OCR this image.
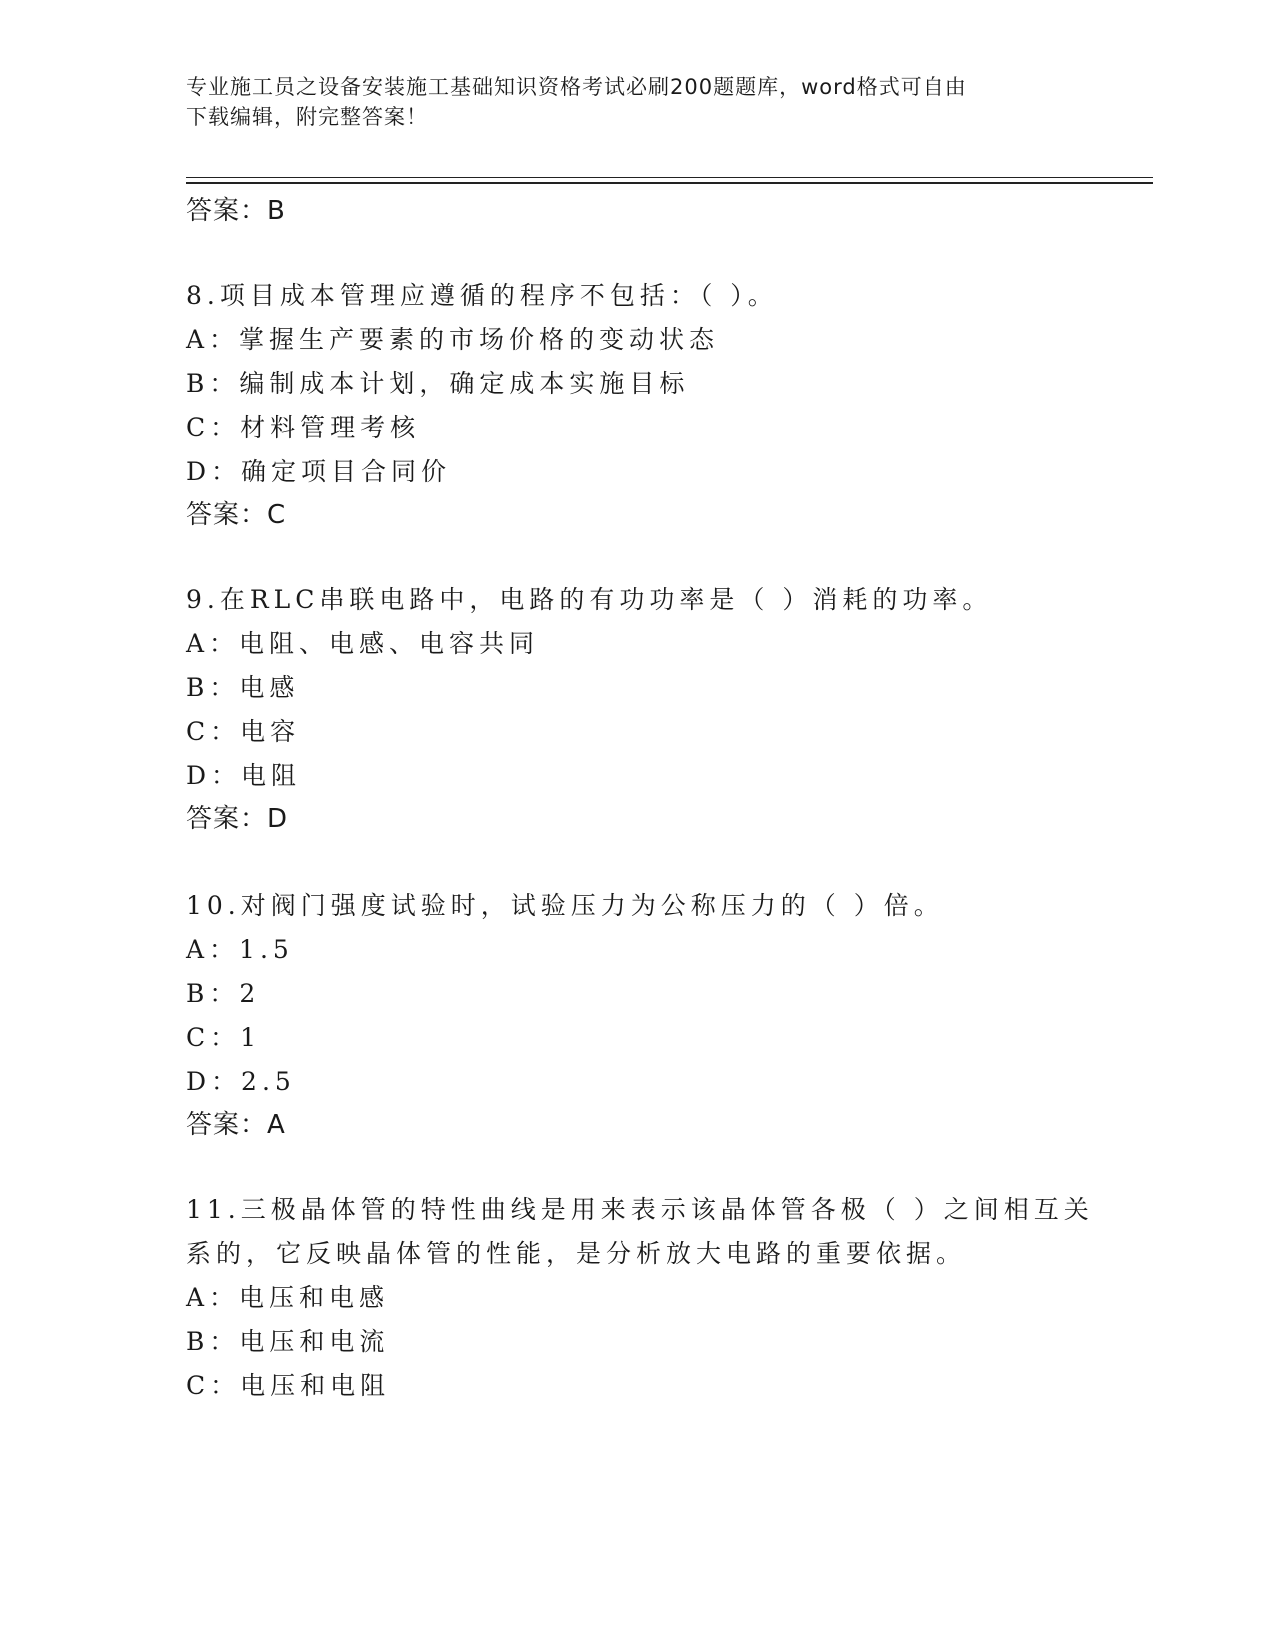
专业施工员之设备安装施工基础知识资格考试必刷200题题库，word格式可自由
下载编辑，附完整答案！
答案：B
8.项目成本管理应遵循的程序不包括：（ ）。
A：掌握生产要素的市场价格的变动状态
B：编制成本计划，确定成本实施目标
C：材料管理考核
D：确定项目合同价
答案：C
9.在RLC串联电路中，电路的有功功率是（ ）消耗的功率。
A：电阻、电感、电容共同
B：电感
C：电容
D：电阻
答案：D
10.对阀门强度试验时，试验压力为公称压力的（ ）倍。
A：1.5
B：2
C：1
D：2.5
答案：A
11.三极晶体管的特性曲线是用来表示该晶体管各极（ ）之间相互关
系的，它反映晶体管的性能，是分析放大电路的重要依据。
A：电压和电感
B：电压和电流
C：电压和电阻
